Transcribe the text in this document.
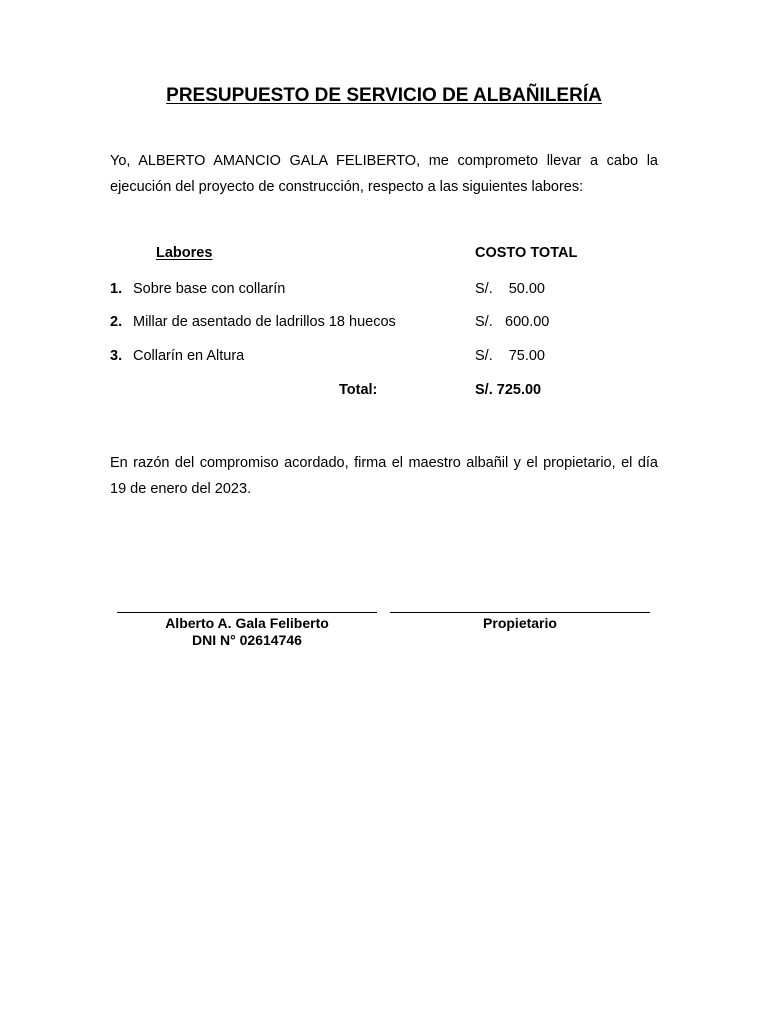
PRESUPUESTO DE SERVICIO DE ALBAÑILERÍA
Yo, ALBERTO AMANCIO GALA FELIBERTO, me comprometo llevar a cabo la ejecución del proyecto de construcción, respecto a las siguientes labores:
Labores	COSTO TOTAL
1. Sobre base con collarín	S/. 50.00
2. Millar de asentado de ladrillos 18 huecos	S/. 600.00
3. Collarín en Altura	S/. 75.00
Total:	S/. 725.00
En razón del compromiso acordado, firma el maestro albañil y el propietario, el día 19 de enero del 2023.
Alberto A. Gala Feliberto
DNI N° 02614746
Propietario
